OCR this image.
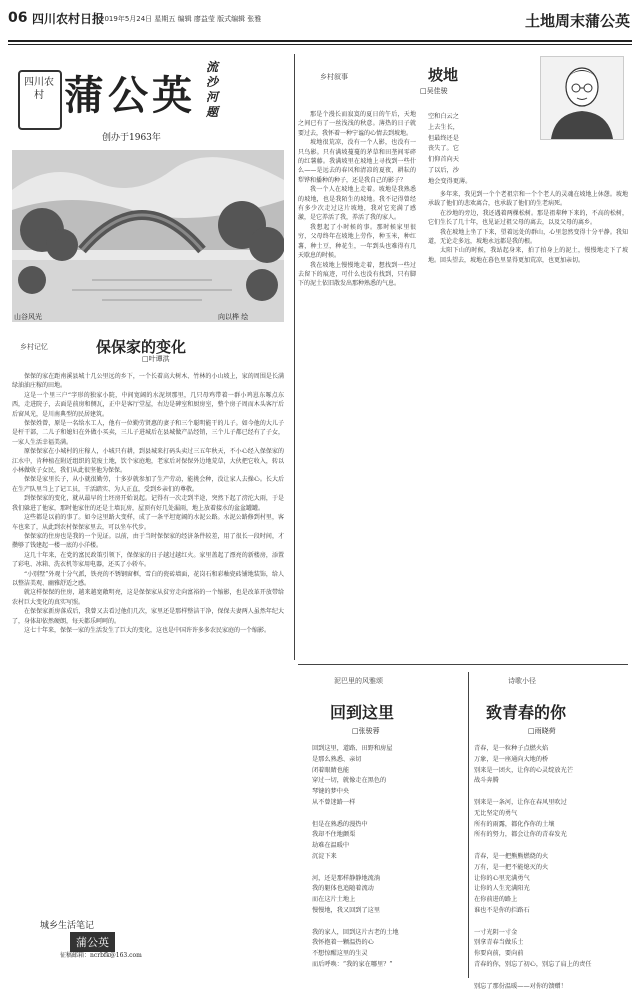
06 四川农村日报
2019年5月24日 星期五 编辑 廖益莹 版式编辑 张雅	土地周末蒲公英
四川农村 蒲公英
流沙河题
创办于1963年
山谷风光	向以桦 绘
乡村记忆	保保家的变化
□叶谭洪

保保的家在距南溪县城十几公里远的乡下，一个长着高大树木、竹林的小山坡上，家的周围是长满绿油油庄稼的田地。

这是一个里三户“字形的独家小院，中间宽阔的水泥坝那里，几只母鸡带着一群小鸡崽东啄点东西，走进院子，去面是前房和侧瓦，正中是客厅堂屋，右边是碑室和厨房室，整个房子周而木头客厅后后窗风光，是川南典型的民居建筑。

保保姓曾，原是一名给水工人，他有一位勤劳贤惠的妻子和三个聪明能干的儿子。如今他的大儿子是杆干部，二儿子和媳妇在外做小买卖，三儿子进城后在县城做产品经销，三个儿子都已经有了子女，一家人生活幸福美满。

原保保家在小城村的庄稼人，小城只有耕，到县城来打码头卖过三五年秋天，不小心经入保保家的江水中，肯种植在附近组织的荒废土地，饮个家庭地，老家后对保保外边地荒草，大伙把它收入，转以小林做收子女民，我们从此很坚他为保保。

保保是家里长子，从小就很勤劳，十多岁就参加了生产劳动，能挑会种，没让家人去操心。长大后在生产队里当上了记工员，干活踏实、为人正直，受到乡亲们的尊敬。

到保保家的变化，就从最早的土坯房开始说起。记得有一次走到半途，突然下起了滂沱大雨，于是我们躲进了他家，那时他家住的还是土墙瓦房，屋顶有好几处漏雨，地上放着接水的盆盆罐罐。

这些都是以前的事了。如今这里路大变样，成了一条平坦宽阔的水泥公路。水泥公路修到村里，客车也来了，从此到农村保保家里去，可以坐车代步。

保保家的住房也是我的一个见证。以前，由于当时保保家的经济条件较差，用了很长一段时间，才攒够了钱建起一楼一底的小洋楼。

这几十年来，在党的富民政策引领下，保保家的日子越过越红火。家里盖起了漂亮的新楼房，添置了彩电、冰箱、洗衣机等家用电器，还买了小轿车。

“小别墅”外观十分气派，铁亮的不锈钢窗框，雪白的瓷砖墙面，花岗石和彩釉瓷砖铺地装饰，给人以整洁美观、幽雅舒适之感。

就这样保保的住房，越来越宽敞明亮，这是保保家从贫穷走向富裕的一个缩影，也是改革开放带给农村巨大变化的真实写照。

在保保家新房落成后，我曾又去看过他们几次，家里还是那样整洁干净，保保夫妻两人虽然年纪大了，身体却依然硬朗，每天都乐呵呵的。

这七十年来，保保一家的生活发生了巨大的变化，这也是中国许许多多农民家庭的一个缩影。

城乡生活笔记
蒲公英
征稿邮箱：ncrbfk@163.com
乡村叙事	坡地
□吴佳骏

那是个漫长而寂寞的夏日的午后，天地之间已有了一丝浅浅的秋意。薄热的日子就要过去，我怀着一种宁谧的心情去到坡地。

坡地很荒凉，没有一个人影，也没有一只鸟影。只有满坡蔓蔓的茅草和田垄间零碎的红薯藤。我满坡里在坡地上寻找到一些什么——是远去的春风和清凉的夏夜，耕耘的犁铧和播种的种子，还是我自己的影子？

我一个人在坡地上走着。坡地是我熟悉的坡地，也是我陌生的坡地。我不记得曾经有多少次走过这片坡地，我对它充满了感激，是它养活了我，养活了我的家人。

我想起了小时候的事。那时候家里很穷，父母终年在坡地上劳作，种玉米，种红薯，种土豆，种花生，一年到头也难得有几天歇息的时候。

我在坡地上慢慢地走着，想找到一些过去留下的痕迹，可什么也没有找到，只有脚下的泥土依旧散发出那种熟悉的气息。

空和白云之

上去生长，

但最终还是

丧失了。它

们仰首向天

了以后，沙

地会变得更薄。

多年来，我见到一个个老祖宗和一个个老人的灵魂在坡地上休憩。坡地承载了他们的悲欢离合，也承载了他们的生老病死。

在沙地的旁边，我还遇着两棵松树。那是祖辈种下来的，不高的松树，它们生长了几十年，也见证过祖父母的离去，以及父母的离乡。

我在坡地上坐了下来，望着远处的群山，心里忽然变得十分平静。我知道，无论走多远，坡地永远都是我的根。

太阳下山的时候，我站起身来，拍了拍身上的泥土，慢慢地走下了坡地。回头望去，坡地在暮色里显得更加荒凉，也更加亲切。

泥巴里的风雅颂
回到这里
□张骏蓉

回到这里，道路、田野和房屋

是那么熟悉、亲切

闭着眼睛也能

穿过一切，就像走在黑色的

琴键的梦中央

从不曾迷路一样

但是在熟悉的漫热中

我却不住地颤栗

劫难在温暖中

沉淀下来

河，还是那样静静地流淌

我的躯体也追随着流动

而在这片土地上

慢慢地，我又回到了这里

我的家人，回到这片古老的土地

我怀抱着一颗温热的心

不想惊醒这里的生灵

而后呼唤：“我的家在哪里？”

诗歌小径
致青春的你
□雨晓荷

青春，是一粒种子点燃火焰

万象，是一座通向大地的桥

别来是一团火，让你的心灵绽放光芒

战斗奔腾

别来是一条河，让你在春风里吹过

无比坚定的勇气

所有的雨露，都化作你的土壤

所有的努力，都会让你的青春发光

青春，是一把熊熊燃烧的火

万有，是一把不能熄灭的火

让你的心里充满勇气

让你的人生充满阳光

在你前进的路上

谁也不是你的拦路石

一寸光阴一寸金

别拿青春当做乐土

你要向前，要向前

青春的你，别忘了初心，别忘了肩上的责任

别忘了那份温暖——对你的馈赠！
